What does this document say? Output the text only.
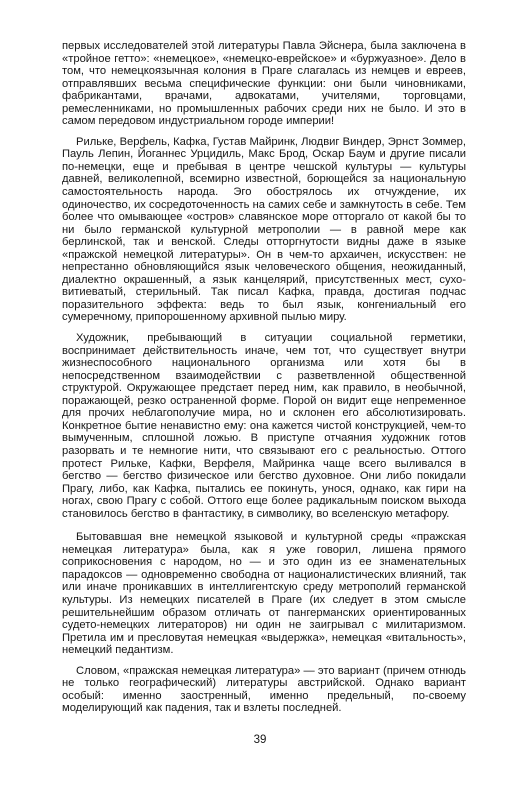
первых исследователей этой литературы Павла Эйснера, была заключена в «тройное гетто»: «немецкое», «немецко-еврейское» и «буржуазное». Дело в том, что немецкоязычная колония в Праге слагалась из немцев и евреев, отправлявших весьма специфические функции: они были чиновниками, фабрикантами, врачами, адвокатами, учителями, торговцами, ремесленниками, но промышленных рабочих среди них не было. И это в самом передовом индустриальном городе империи!

Рильке, Верфель, Кафка, Густав Майринк, Людвиг Виндер, Эрнст Зоммер, Пауль Лепин, Йоганнес Урцидиль, Макс Брод, Оскар Баум и другие писали по-немецки, еще и пребывая в центре чешской культуры — культуры давней, великолепной, всемирно известной, борющейся за национальную самостоятельность народа. Эго обострялось их отчуждение, их одиночество, их сосредоточенность на самих себе и замкнутость в себе. Тем более что омывающее «остров» славянское море отторгало от какой бы то ни было германской культурной метрополии — в равной мере как берлинской, так и венской. Следы отторгнутости видны даже в языке «пражской немецкой литературы». Он в чем-то архаичен, искусствен: не непрестанно обновляющийся язык человеческого общения, неожиданный, диалектно окрашенный, а язык канцелярий, присутственных мест, сухо-витиеватый, стерильный. Так писал Кафка, правда, достигая подчас поразительного эффекта: ведь то был язык, конгениальный его сумеречному, припорошенному архивной пылью миру.

Художник, пребывающий в ситуации социальной герметики, воспринимает действительность иначе, чем тот, что существует внутри жизнеспособного национального организма или хотя бы в непосредственном взаимодействии с разветвленной общественной структурой. Окружающее предстает перед ним, как правило, в необычной, поражающей, резко остраненной форме. Порой он видит еще непременное для прочих неблагополучие мира, но и склонен его абсолютизировать. Конкретное бытие ненавистно ему: она кажется чистой конструкцией, чем-то вымученным, сплошной ложью. В приступе отчаяния художник готов разорвать и те немногие нити, что связывают его с реальностью. Оттого протест Рильке, Кафки, Верфеля, Майринка чаще всего выливался в бегство — бегство физическое или бегство духовное. Они либо покидали Прагу, либо, как Кафка, пытались ее покинуть, унося, однако, как гири на ногах, свою Прагу с собой. Оттого еще более радикальным поиском выхода становилось бегство в фантастику, в символику, во вселенскую метафору.

Бытовавшая вне немецкой языковой и культурной среды «пражская немецкая литература» была, как я уже говорил, лишена прямого соприкосновения с народом, но — и это один из ее знаменательных парадоксов — одновременно свободна от националистических влияний, так или иначе проникавших в интеллигентскую среду метрополий германской культуры. Из немецких писателей в Праге (их следует в этом смысле решительнейшим образом отличать от пангерманских ориентированных судето-немецких литераторов) ни один не заигрывал с милитаризмом. Претила им и пресловутая немецкая «выдержка», немецкая «витальность», немецкий педантизм.

Словом, «пражская немецкая литература» — это вариант (причем отнюдь не только географический) литературы австрийской. Однако вариант особый: именно заостренный, именно предельный, по-своему моделирующий как падения, так и взлеты последней.

39
